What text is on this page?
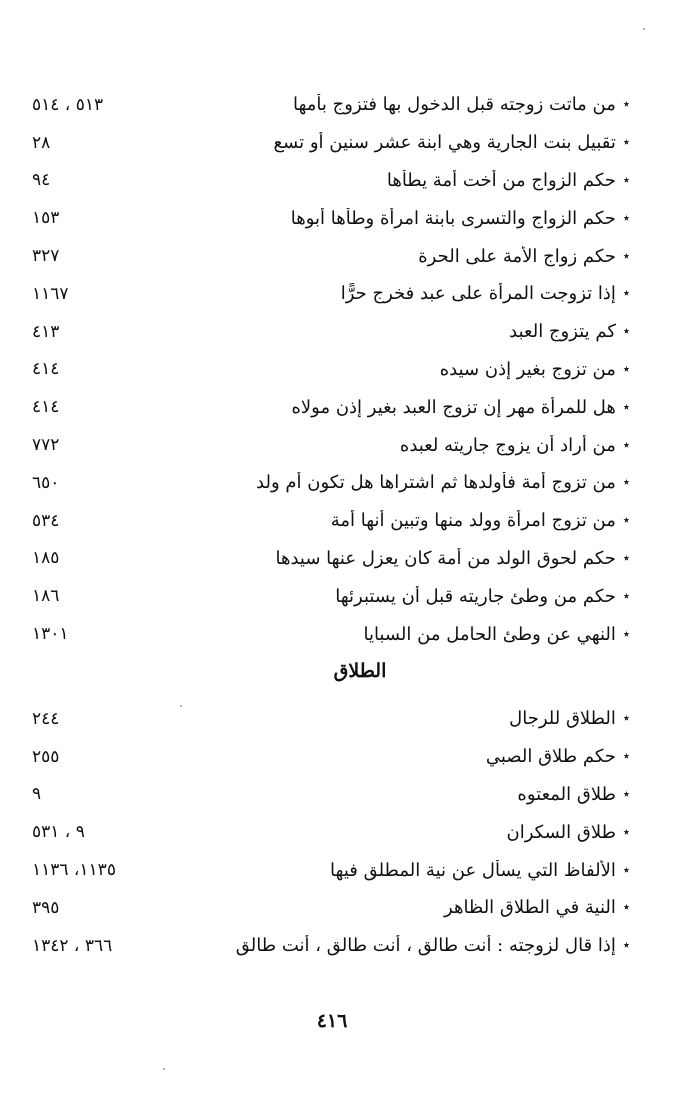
٭
من ماتت زوجته قبل الدخول بها فتزوج بأمها
٥١٣ ، ٥١٤
٭
تقبيل بنت الجارية وهي ابنة عشر سنين أو تسع
٢٨
٭
حكم الزواج من أخت أمة يطأها
٩٤
٭
حكم الزواج والتسرى بابنة امرأة وطأها أبوها
١٥٣
٭
حكم زواج الأمة على الحرة
٣٢٧
٭
إذا تزوجت المرأة على عبد فخرج حرًّا
١١٦٧
٭
كم يتزوج العبد
٤١٣
٭
من تزوج بغير إذن سيده
٤١٤
٭
هل للمرأة مهر إن تزوج العبد بغير إذن مولاه
٤١٤
٭
من أراد أن يزوج جاريته لعبده
٧٧٢
٭
من تزوج أمة فأولدها ثم اشتراها هل تكون أم ولد
٦٥٠
٭
من تزوج امرأة وولد منها وتبين أنها أمة
٥٣٤
٭
حكم لحوق الولد من أمة كان يعزل عنها سيدها
١٨٥
٭
حكم من وطئ جاريته قبل أن يستبرئها
١٨٦
٭
النهي عن وطئ الحامل من السبايا
١٣٠١
الطلاق
٭
الطلاق للرجال
٢٤٤
٭
حكم طلاق الصبي
٢٥٥
٭
طلاق المعتوه
٩
٭
طلاق السكران
٩ ، ٥٣١
٭
الألفاظ التي يسأل عن نية المطلق فيها
١١٣٥، ١١٣٦
٭
النية في الطلاق الظاهر
٣٩٥
٭
إذا قال لزوجته : أنت طالق ، أنت طالق ، أنت طالق
٣٦٦ ، ١٣٤٢
٤١٦
